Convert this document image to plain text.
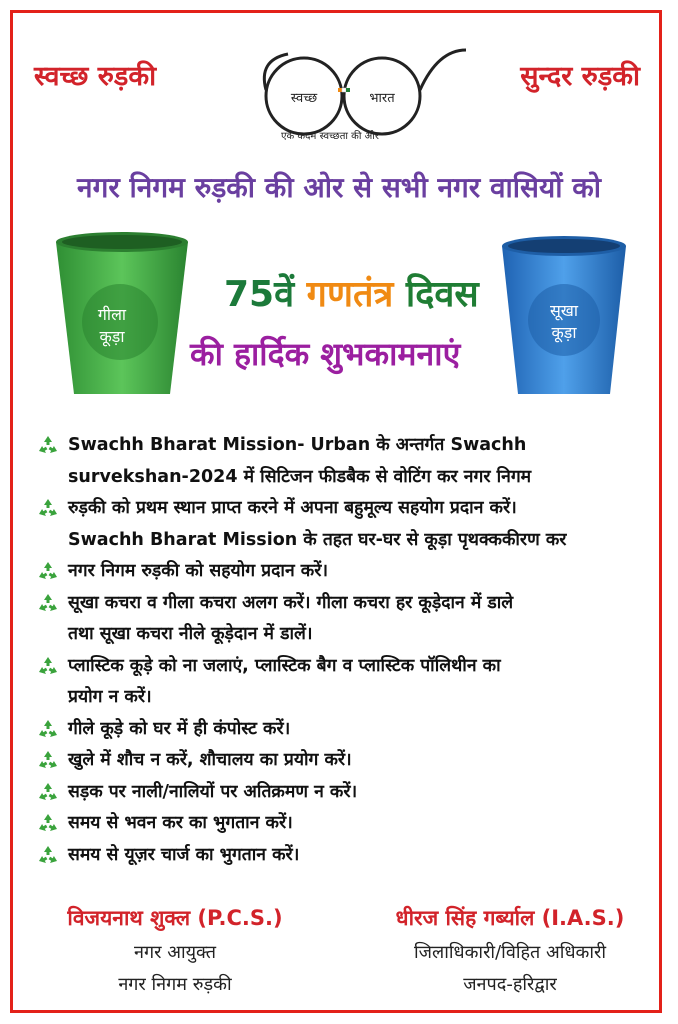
स्वच्छ रुड़की	सुन्दर रुड़की
स्वच्छ	भारत
एक कदम स्वच्छता की ओर
नगर निगम रुड़की की ओर से सभी नगर वासियों को
गीला
कूड़ा
सूखा
कूड़ा
75वें गणतंत्र दिवस
की हार्दिक शुभकामनाएं
Swachh Bharat Mission- Urban के अन्तर्गत Swachh
survekshan-2024 में सिटिजन फीडबैक से वोटिंग कर नगर निगम
रुड़की को प्रथम स्थान प्राप्त करने में अपना बहुमूल्य सहयोग प्रदान करें।
Swachh Bharat Mission के तहत घर-घर से कूड़ा पृथक्ककीरण कर
नगर निगम रुड़की को सहयोग प्रदान करें।
सूखा कचरा व गीला कचरा अलग करें। गीला कचरा हर कूड़ेदान में डाले
तथा सूखा कचरा नीले कूड़ेदान में डालें।
प्लास्टिक कूड़े को ना जलाएं, प्लास्टिक बैग व प्लास्टिक पॉलिथीन का
प्रयोग न करें।
गीले कूड़े को घर में ही कंपोस्ट करें।
खुले में शौच न करें, शौचालय का प्रयोग करें।
सड़क पर नाली/नालियों पर अतिक्रमण न करें।
समय से भवन कर का भुगतान करें।
समय से यूज़र चार्ज का भुगतान करें।
विजयनाथ शुक्ल (P.C.S.)
नगर आयुक्त
नगर निगम रुड़की
धीरज सिंह गर्ब्याल (I.A.S.)
जिलाधिकारी/विहित अधिकारी
जनपद-हरिद्वार
